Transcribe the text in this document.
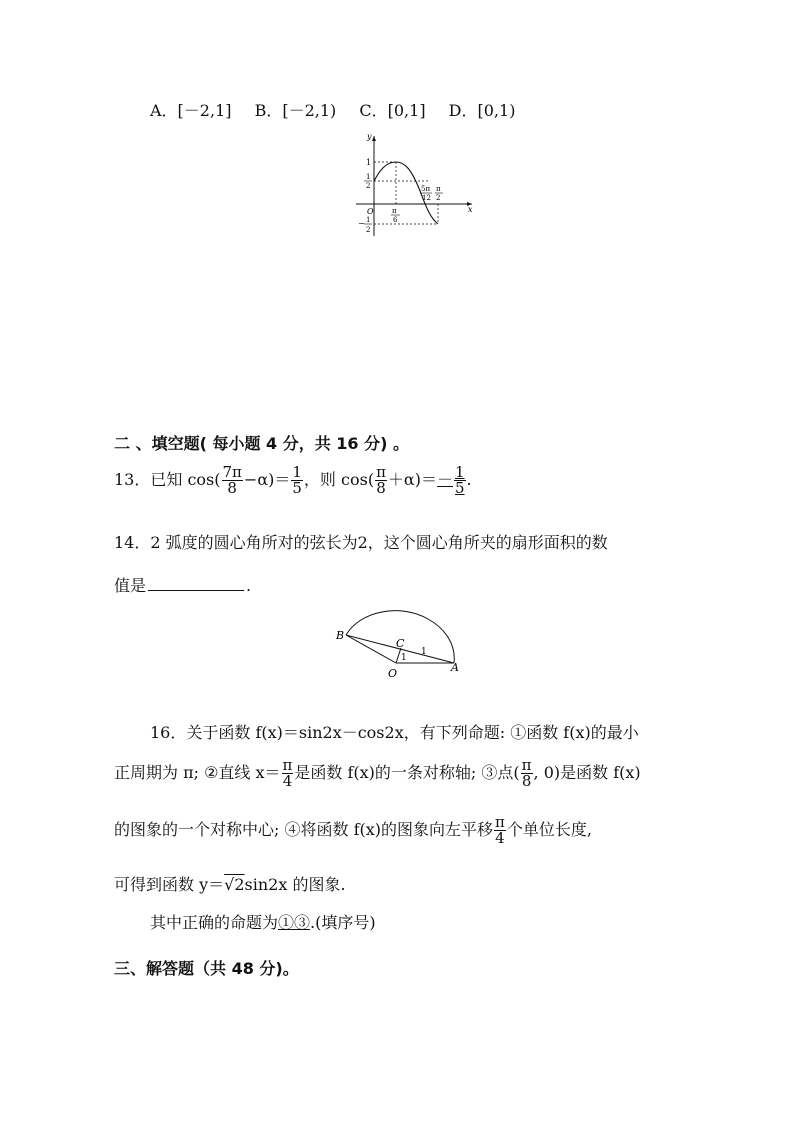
A．[－2,1] B．[－2,1) C．[0,1] D．[0,1)
y
x
O
1
1
2
− 1
2
π
6
5π
12
π
2
二 、填空题( 每小题 4 分，共 16 分) 。
13．已知 $\cos( \frac{7\pi}{8} -\alpha)= \frac{1}{5}$ ，则 $\cos( \frac{\pi}{8} +\alpha)=- \frac{1}{5}$ .
14．2 弧度的圆心角所对的弦长为2，这个圆心角所夹的扇形面积的数
值是	.
B
C
O	A
1
1
16．关于函数 f(x)＝sin2x－cos2x，有下列命题: ①函数 f(x)的最小
正周期为 π; ②直线 $x= \frac{\pi}{4}$ 是函数 f(x)的一条对称轴; ③点( $\frac{\pi}{8}$ , 0)是函数 f(x)
的图象的一个对称中心; ④将函数 f(x)的图象向左平移 $\frac{\pi}{4}$ 个单位长度,
可得到函数 y＝√2sin2x 的图象.
其中正确的命题为①③.(填序号)
三、解答题（共 48 分)。
